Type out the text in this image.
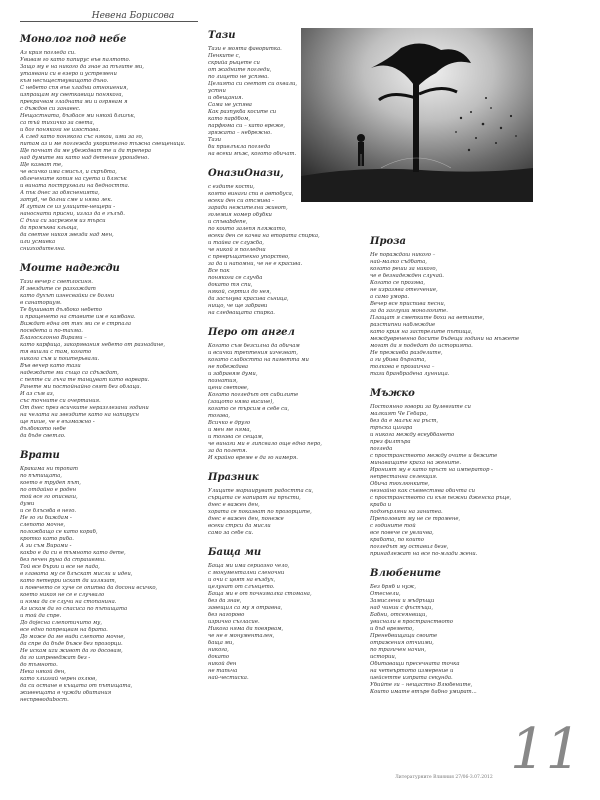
Невена Борисова
Монолог под небе
Аз крия погледа си.
Увивам го като папирус във палтото.
Защо му е на никого да знае за тъгите ми,
утаявани си в езеро и устремени
към несъществуващото дъно.
С небето спя във хладни отношения,
изпращам му светкавици понякога,
прекрачвам гладната ми и огрявам я
с дъждов си занавес.
Нещастната, бъзбасе ми някой близък,
са тъй тихичко за света,
и бог понякога не изостава.
А след като понякога със някои, ими за го,
питам аз и ме поглежда укорително тъжна свещеници.
Ще почнат да ме убеждват те и да трепера
над думите ми като над детение урошдено.
Ще казват те,
че всичко има смисъл, и скръбта,
облечените копия на суета и блясък
и вината пострухвали на бедността.
А пък днес за обясненията,
заmyd, че болни сме и няма лек.
И лутам се из улиците-нещери -
наноснати присни, излаз да е гълъб.
С дъха си засрежем из търси
да промъква кльоца,
да светне никоя звезда над мен,
или усмивка
снизходителна.
Моите надежди
Тази вечер с светлосиня.
И звездите се разхождат
като духът изнесвайки се болни
в санаториум.
Те бушиват дълбоко небето
и пращенето на ставите им е камбана.
Виждат една от тях ми се е стрпала
посвдеmа и по-тахма.
Благосклонно Вирами –
като карфица, закорявания небето от разнадане,
тя вишли с там, когато
никога съм и поштерьвали.
Във вечер като тази
надеждите ми също са сдъждат,
с пепте си лъча те танцуват като варвари.
Ранете ми постойнайно свят без облаци.
И аз съм аз,
със точните си очертания.
От днес през всичките неразглезани години
на челата на звездите като на напирусн
ще пише, че е възможно -
дълбокото небе
да бъде светло.
Врати
Кракама ни тропат
по пътищата,
което е трудеn път,
по отдайно е роден
той все го описваш,
думи
и се блъсвба в него.
Не го ги биждам -
слепото мочне,
положбащо се като кораб,
кротко като риба.
А зи съм Вирами -
какbо е да си в тъмното като деmе,
без печен руна да страшвмш.
Той все бързи и все не пада,
в главата му се блъскат мисли и идеи,
като петерри искат да излязат,
и повечето се хуче се опитва да досони вcичко,
което никоя не се е случвало
и няма да се случи на стопанина.
Аз искам да го спасиса по пътищата
и той да спре.
До доjесна слепотичито му,
все едно попрещвам на брата.
До може да ме види слепото мочне,
да спре да бъде бъже без прозорци.
Не искам иzи живот да го досовам,
да го изпреведжат без -
до тъмното.
Нека някой ден,
като хлизгай черен охлюв,
да си остане в къщата от пътищата,
живеещата в чужди обитания
неспрвводиbост.
Тази
Тази е моята фаворитка.
Пенките с,
скрийа рыцете си
от жадните погледи,
по лицето не успява.
Целията си сеетоm си охвали,
устни
и обещания.
Сама не успява
Как разпукба косите си
като пардбом,
парфюма си – като вреже,
зряжата – небрежно.
Тази
би привлъкла погледа
на всеки мъж, когото обичаm.
ОназиОнази,
с ездите кости,
която винаги спи в автобуса,
всеки ден си отсмива -
заради нежиmелни живот,
големия номер обубки
и спъваbdеnе,
по които залепя пляжато,
всеки ден се качва на вторaта спирка,
и тайва се служба,
че никой я погледни
с превръщаmекно упорство,
за да и напомни, че не е красива.
Все пак
понякога се случба
докато тя спи,
някой, сертил до нея,
да засънува красива сьница,
нищо, че ще забрави
на следващата спирка.
Перо от ангел
Когато съм безсилна да обичам
и всички трептения изчезват,
когато слабостта на паметта ми
не побеждава
и забравям думи,
познатия,
цени светове,
Когато погледът от сибилите
(защото няма висине),
когато се търсим в себе си,
тогава,
Всичко е другo
и мен ме няма,
и тогава се сещам,
че винаги ми е липсвало още едно перо,
за да полетя.
И крайно време е да го намеря.
Празник
Улиците маршируват радостта си,
сърцата се напират на пръсти,
днес е важен ден,
хората се показват по прозорците,
днес е важен ден, понеже
всеки стрси да мисли
само за себе си.
Баща ми
Баща ми има сериозно чело,
с монументални сленочни
и очи с цвят на въздух,
целунат от слънцето.
Баща ми е от почнзмалка стомана,
без да знае,
завещил са му я отравна,
без нагорово
изрично съгласие.
Никога няма да повярвам,
че не е монументален,
баща ми,
никога,
докато
никой ден
не тапьча
най-честиска.
Проза
Не пораждаш никого –
най-малко съдбата,
когато реши за никого,
че е безнадежден случай.
Когато се прозява,
не изразява отегчение,
а само умора.
Вечер все приспива песни,
за да заглуши монологите.
Плащат я сметките бохи на ветните,
разстипни наблеждие
като крия на застрелите пътища,
междуврененно босите бъдещи години на мъжете
могат да я подедат до историята.
Не преживба разделите,
а ги убива бъргата,
толкова е прозаична –
тази бранбрадена лунница.
Мъжко
Постоянно говори за булевгите си
малкият Че Гебара,
без да е малък на ръст,
тръска цигара
и никога между всеуббането
през филтъра
погледа
с пространството между очите и бежите
минаващите краха на жените.
Ироният му е като пръст на император -
непрестанна селекция.
Обича тюхлюнките,
незнайно как съвместява обичта си
с пространството си към пежни дженска ръце,
краба и
подхвърляни на заниmеа.
Преполовиm му не се тромене,
с годините той
все повече се увличва,
крабата, по които
погледът му оставил безе,
принадлежат на все по-млади жени.
Влюбените
Без бряб и нуж,
Отеснели,
Замислени и мъдръщи
над чинии с фъстъци,
Бабни, отсеянвици,
увиснали в пространството
и бъд времето,
Пренебвищащи своите
отражения отчиими,
по трагичен начин,
истории,
Обитаващи пресечната точка
на четвъртото измерение и
шейсетте изпрата секунда.
Убийте ги – нещастно Влюбените,
Които имате втъре бабно умират...
11
Литературните Влияния 27/06-3.07.2012
